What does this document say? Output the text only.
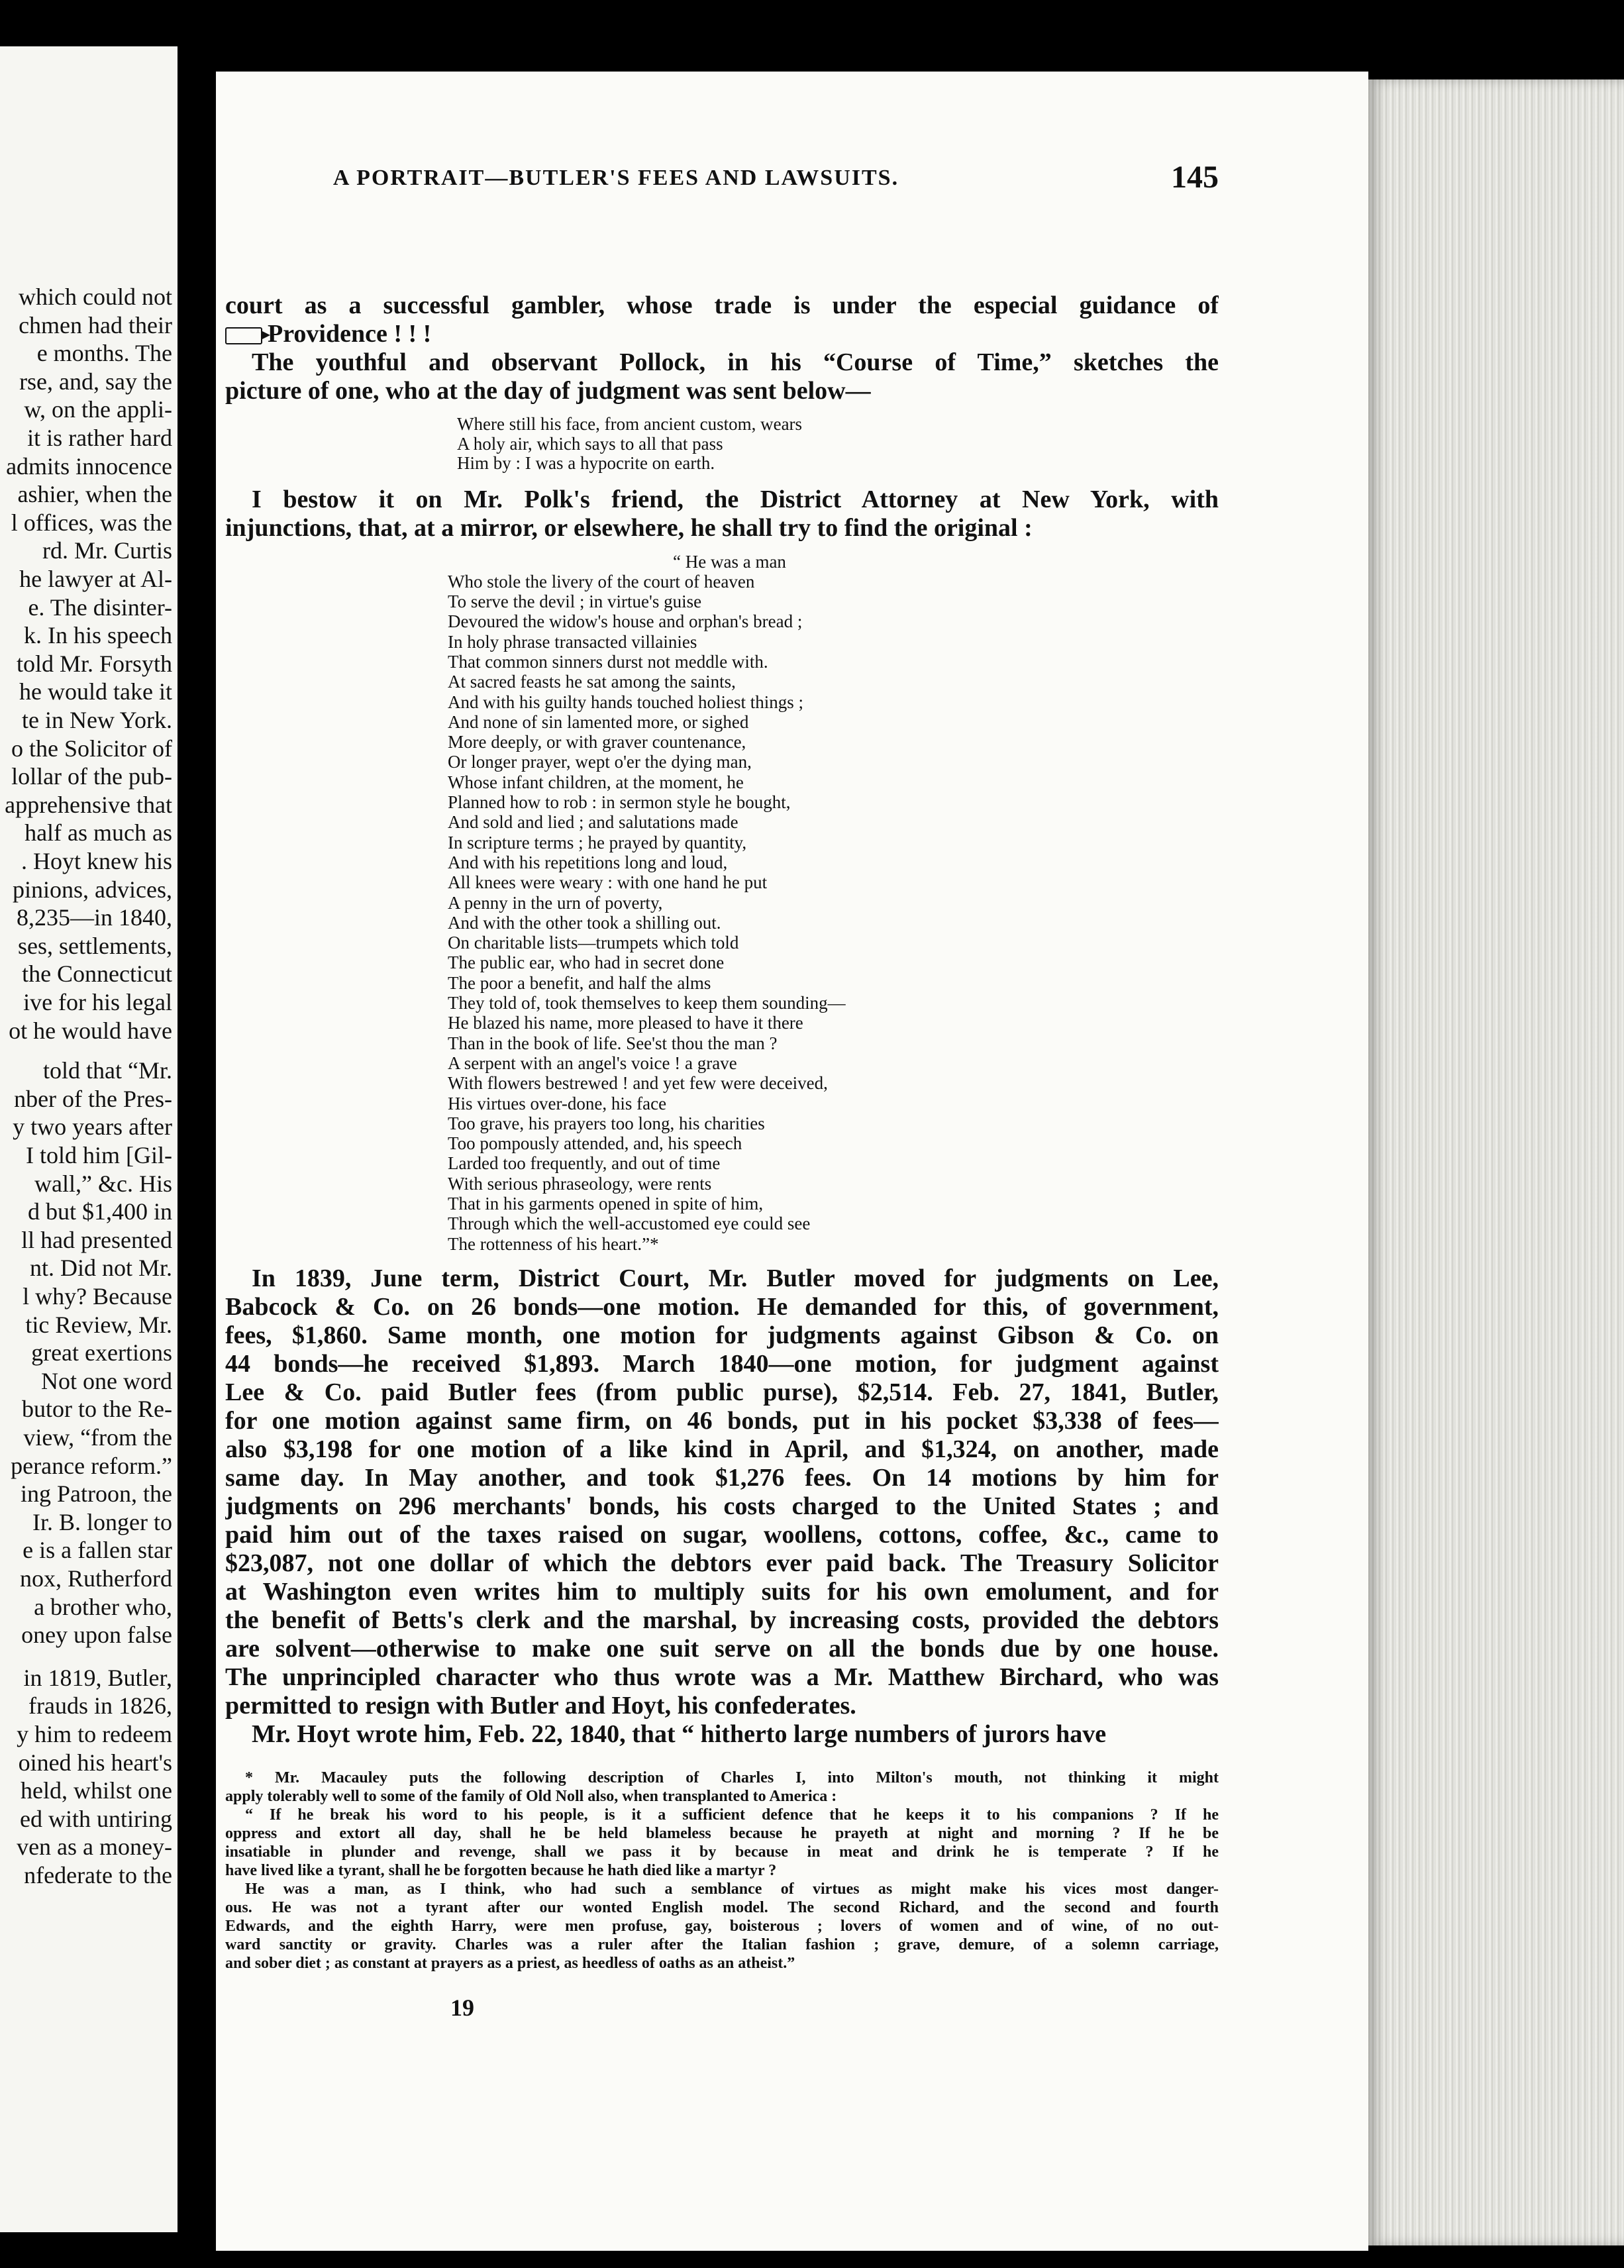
which could not
chmen had their
e months. The
rse, and, say the
w, on the appli-
it is rather hard
admits innocence
ashier, when the
l offices, was the
rd. Mr. Curtis
he lawyer at Al-
e. The disinter-
k. In his speech
told Mr. Forsyth
he would take it
te in New York.
o the Solicitor of
lollar of the pub-
apprehensive that
half as much as
. Hoyt knew his
pinions, advices,
8,235—in 1840,
ses, settlements,
the Connecticut
ive for his legal
ot he would have
told that “Mr.
nber of the Pres-
y two years after
I told him [Gil-
wall,” &c. His
d but $1,400 in
ll had presented
nt. Did not Mr.
l why? Because
tic Review, Mr.
great exertions
Not one word
butor to the Re-
view, “from the
perance reform.”
ing Patroon, the
Ir. B. longer to
e is a fallen star
nox, Rutherford
a brother who,
oney upon false
in 1819, Butler,
frauds in 1826,
y him to redeem
oined his heart's
held, whilst one
ed with untiring
ven as a money-
nfederate to the
A PORTRAIT—BUTLER'S FEES AND LAWSUITS.	145
court as a successful gambler, whose trade is under the especial guidance of
Providence ! ! !
The youthful and observant Pollock, in his “Course of Time,” sketches the
picture of one, who at the day of judgment was sent below—
Where still his face, from ancient custom, wears
A holy air, which says to all that pass
Him by : I was a hypocrite on earth.
I bestow it on Mr. Polk's friend, the District Attorney at New York, with
injunctions, that, at a mirror, or elsewhere, he shall try to find the original :
“ He was a man
Who stole the livery of the court of heaven
To serve the devil ; in virtue's guise
Devoured the widow's house and orphan's bread ;
In holy phrase transacted villainies
That common sinners durst not meddle with.
At sacred feasts he sat among the saints,
And with his guilty hands touched holiest things ;
And none of sin lamented more, or sighed
More deeply, or with graver countenance,
Or longer prayer, wept o'er the dying man,
Whose infant children, at the moment, he
Planned how to rob : in sermon style he bought,
And sold and lied ; and salutations made
In scripture terms ; he prayed by quantity,
And with his repetitions long and loud,
All knees were weary : with one hand he put
A penny in the urn of poverty,
And with the other took a shilling out.
On charitable lists—trumpets which told
The public ear, who had in secret done
The poor a benefit, and half the alms
They told of, took themselves to keep them sounding—
He blazed his name, more pleased to have it there
Than in the book of life. See'st thou the man ?
A serpent with an angel's voice ! a grave
With flowers bestrewed ! and yet few were deceived,
His virtues over-done, his face
Too grave, his prayers too long, his charities
Too pompously attended, and, his speech
Larded too frequently, and out of time
With serious phraseology, were rents
That in his garments opened in spite of him,
Through which the well-accustomed eye could see
The rottenness of his heart.”*
In 1839, June term, District Court, Mr. Butler moved for judgments on Lee,
Babcock & Co. on 26 bonds—one motion. He demanded for this, of government,
fees, $1,860. Same month, one motion for judgments against Gibson & Co. on
44 bonds—he received $1,893. March 1840—one motion, for judgment against
Lee & Co. paid Butler fees (from public purse), $2,514. Feb. 27, 1841, Butler,
for one motion against same firm, on 46 bonds, put in his pocket $3,338 of fees—
also $3,198 for one motion of a like kind in April, and $1,324, on another, made
same day. In May another, and took $1,276 fees. On 14 motions by him for
judgments on 296 merchants' bonds, his costs charged to the United States ; and
paid him out of the taxes raised on sugar, woollens, cottons, coffee, &c., came to
$23,087, not one dollar of which the debtors ever paid back. The Treasury Solicitor
at Washington even writes him to multiply suits for his own emolument, and for
the benefit of Betts's clerk and the marshal, by increasing costs, provided the debtors
are solvent—otherwise to make one suit serve on all the bonds due by one house.
The unprincipled character who thus wrote was a Mr. Matthew Birchard, who was
permitted to resign with Butler and Hoyt, his confederates.
Mr. Hoyt wrote him, Feb. 22, 1840, that “ hitherto large numbers of jurors have
* Mr. Macauley puts the following description of Charles I, into Milton's mouth, not thinking it might
apply tolerably well to some of the family of Old Noll also, when transplanted to America :
“ If he break his word to his people, is it a sufficient defence that he keeps it to his companions ? If he
oppress and extort all day, shall he be held blameless because he prayeth at night and morning ? If he be
insatiable in plunder and revenge, shall we pass it by because in meat and drink he is temperate ? If he
have lived like a tyrant, shall he be forgotten because he hath died like a martyr ?
He was a man, as I think, who had such a semblance of virtues as might make his vices most danger-
ous. He was not a tyrant after our wonted English model. The second Richard, and the second and fourth
Edwards, and the eighth Harry, were men profuse, gay, boisterous ; lovers of women and of wine, of no out-
ward sanctity or gravity. Charles was a ruler after the Italian fashion ; grave, demure, of a solemn carriage,
and sober diet ; as constant at prayers as a priest, as heedless of oaths as an atheist.”
19
